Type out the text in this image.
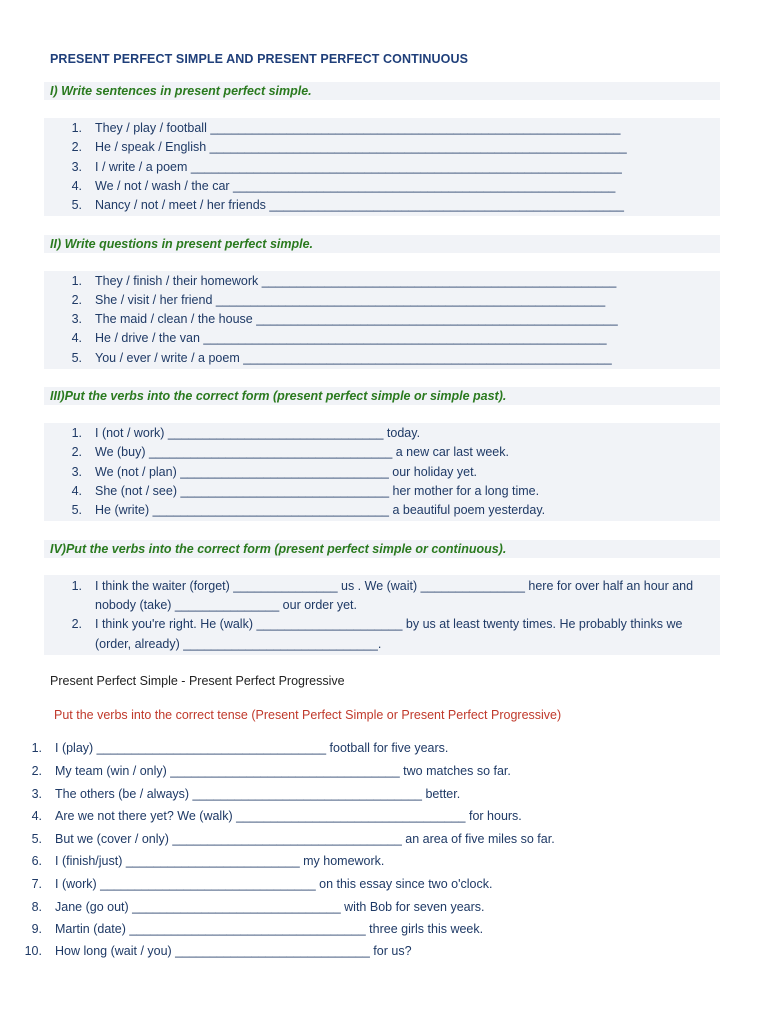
PRESENT PERFECT SIMPLE AND PRESENT PERFECT CONTINUOUS
I) Write sentences in present perfect simple.
1. They / play / football ___________________________________________________________
2. He / speak / English ____________________________________________________________
3. I / write / a poem ______________________________________________________________
4. We / not / wash / the car _______________________________________________________
5. Nancy / not / meet / her friends ___________________________________________________
II) Write questions in present perfect simple.
1. They / finish / their homework ___________________________________________________
2. She / visit / her friend ________________________________________________________
3. The maid / clean / the house ____________________________________________________
4. He / drive / the van __________________________________________________________
5. You / ever / write / a poem _____________________________________________________
III)Put the verbs into the correct form (present perfect simple or simple past).
1. I (not / work) _______________________________ today.
2. We (buy) ___________________________________ a new car last week.
3. We (not / plan) ______________________________ our holiday yet.
4. She (not / see) ______________________________ her mother for a long time.
5. He (write) __________________________________ a beautiful poem yesterday.
IV)Put the verbs into the correct form (present perfect simple or continuous).
1. I think the waiter (forget) _______________ us . We (wait) _______________ here for over half an hour and
nobody (take) _______________ our order yet.
2. I think you're right. He (walk) _____________________ by us at least twenty times. He probably thinks we
(order, already) ____________________________.
Present Perfect Simple - Present Perfect Progressive
Put the verbs into the correct tense (Present Perfect Simple or Present Perfect Progressive)
1. I (play) _________________________________ football for five years.
2. My team (win / only) _________________________________ two matches so far.
3. The others (be / always) _________________________________ better.
4. Are we not there yet? We (walk) _________________________________ for hours.
5. But we (cover / only) _________________________________ an area of five miles so far.
6. I (finish/just) _________________________ my homework.
7. I (work) _______________________________ on this essay since two o'clock.
8. Jane (go out) ______________________________ with Bob for seven years.
9. Martin (date) __________________________________ three girls this week.
10. How long (wait / you) ____________________________ for us?
